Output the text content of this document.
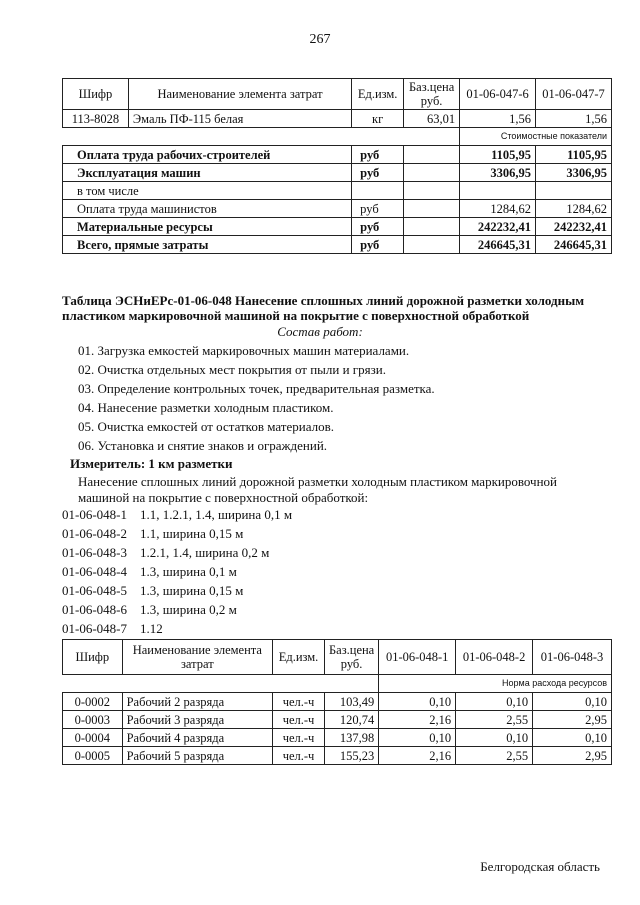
267
Шифр	Наименование элемента затрат	Ед.изм.	Баз.цена руб.	01-06-047-6	01-06-047-7
113-8028	Эмаль ПФ-115 белая	кг	63,01	1,56	1,56
				Стоимостные показатели	
Оплата труда рабочих-строителей		руб		1105,95	1105,95
Эксплуатация машин		руб		3306,95	3306,95
в том числе					
Оплата труда машинистов		руб		1284,62	1284,62
Материальные ресурсы		руб		242232,41	242232,41
Всего, прямые затраты		руб		246645,31	246645,31
Таблица ЭСНиЕРс-01-06-048 Нанесение сплошных линий дорожной разметки холодным пластиком маркировочной машиной на покрытие с поверхностной обработкой
Состав работ:
01. Загрузка емкостей маркировочных машин материалами.
02. Очистка отдельных мест покрытия от пыли и грязи.
03. Определение контрольных точек, предварительная разметка.
04. Нанесение разметки холодным пластиком.
05. Очистка емкостей от остатков материалов.
06. Установка и снятие знаков и ограждений.
Измеритель: 1 км разметки
Нанесение сплошных линий дорожной разметки холодным пластиком маркировочной машиной на покрытие с поверхностной обработкой:
01-06-048-1 1.1, 1.2.1, 1.4, ширина 0,1 м
01-06-048-2 1.1, ширина 0,15 м
01-06-048-3 1.2.1, 1.4, ширина 0,2 м
01-06-048-4 1.3, ширина 0,1 м
01-06-048-5 1.3, ширина 0,15 м
01-06-048-6 1.3, ширина 0,2 м
01-06-048-7 1.12
Шифр	Наименование элемента затрат	Ед.изм.	Баз.цена руб.	01-06-048-1	01-06-048-2	01-06-048-3
				Норма расхода ресурсов		
0-0002	Рабочий 2 разряда	чел.-ч	103,49	0,10	0,10	0,10
0-0003	Рабочий 3 разряда	чел.-ч	120,74	2,16	2,55	2,95
0-0004	Рабочий 4 разряда	чел.-ч	137,98	0,10	0,10	0,10
0-0005	Рабочий 5 разряда	чел.-ч	155,23	2,16	2,55	2,95
Белгородская область
